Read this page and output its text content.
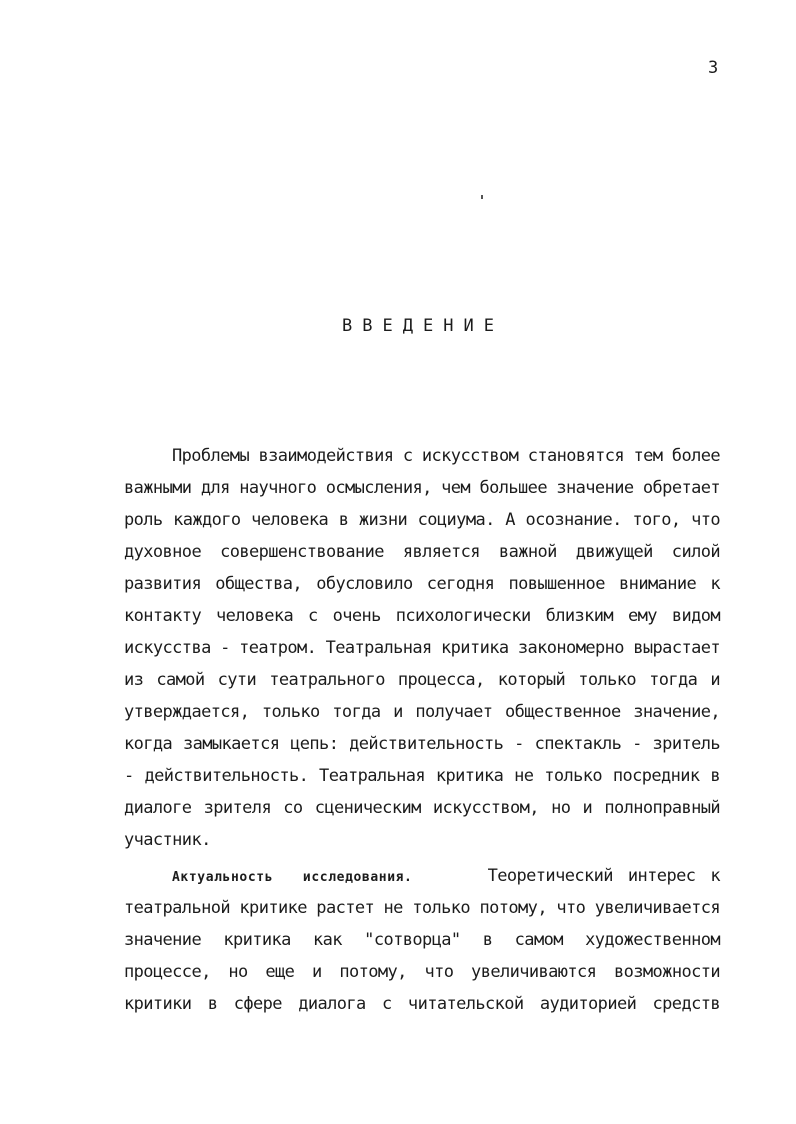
3
ВВЕДЕНИЕ
Проблемы взаимодействия с искусством становятся тем более
важными для научного осмысления, чем большее значение обретает
роль каждого человека в жизни социума. А осознание. того, что
духовное совершенствование является важной движущей силой
развития общества, обусловило сегодня повышенное внимание к
контакту человека с очень психологически близким ему видом
искусства - театром. Театральная критика закономерно вырастает
из самой сути театрального процесса, который только тогда и
утверждается, только тогда и получает общественное значение,
когда замыкается цепь: действительность - спектакль - зритель
- действительность. Театральная критика не только посредник в
диалоге зрителя со сценическим искусством, но и полноправный
участник.
Актуальность исследования.	Теоретический интерес к
театральной критике растет не только потому, что увеличивается
значение критика как "сотворца" в самом художественном
процессе, но еще и потому, что увеличиваются возможности
критики в сфере диалога с читательской аудиторией средств
